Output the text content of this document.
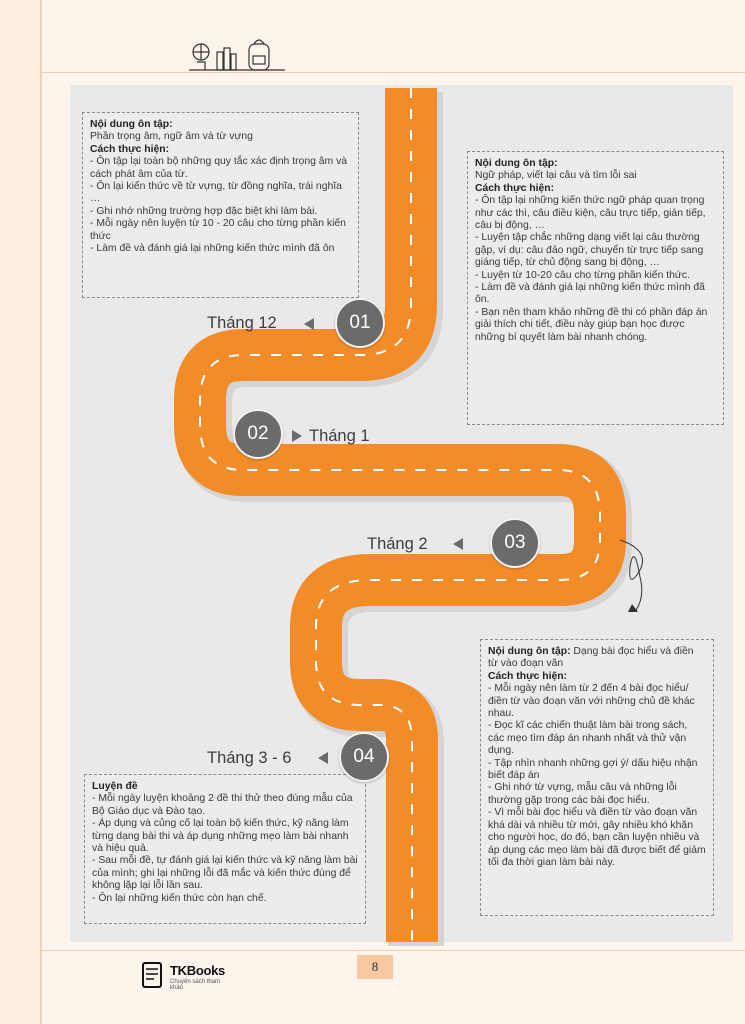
Nội dung ôn tập:

Phần trọng âm, ngữ âm và từ vựng

Cách thực hiện:

- Ôn tập lại toàn bộ những quy tắc xác định trọng âm và cách phát âm của từ.

- Ôn lại kiến thức về từ vựng, từ đồng nghĩa, trái nghĩa …

- Ghi nhớ những trường hợp đặc biệt khi làm bài.

- Mỗi ngày nên luyện từ 10 - 20 câu cho từng phần kiến thức

- Làm đề và đánh giá lại những kiến thức mình đã ôn

Nội dung ôn tập:

Ngữ pháp, viết lại câu và tìm lỗi sai

Cách thực hiện:

- Ôn tập lại những kiến thức ngữ pháp quan trọng như các thì, câu điều kiện, câu trực tiếp, gián tiếp, câu bị động, …

- Luyện tập chắc những dạng viết lại câu thường gặp, ví dụ: câu đảo ngữ, chuyển từ trực tiếp sang giáng tiếp, từ chủ động sang bị động, …

- Luyện từ 10-20 câu cho từng phần kiến thức.

- Làm đề và đánh giá lại những kiến thức mình đã ôn.

- Bạn nên tham khảo những đề thi có phần đáp án giải thích chi tiết, điều này giúp bạn học được những bí quyết làm bài nhanh chóng.

Nội dung ôn tập: Dạng bài đọc hiểu và điền từ vào đoạn văn

Cách thực hiện:

- Mỗi ngày nên làm từ 2 đến 4 bài đọc hiểu/ điền từ vào đoạn văn với những chủ đề khác nhau.

- Đọc kĩ các chiến thuật làm bài trong sách, các mẹo tìm đáp án nhanh nhất và thử vận dụng.

- Tập nhìn nhanh những gợi ý/ dấu hiệu nhận biết đáp án

- Ghi nhớ từ vựng, mẫu câu và những lỗi thường gặp trong các bài đọc hiểu.

- Vì mỗi bài đọc hiểu và điền từ vào đoạn văn khá dài và nhiều từ mới, gây nhiều khó khăn cho người học, do đó, bạn cần luyện nhiều và áp dụng các mẹo làm bài đã được biết để giảm tối đa thời gian làm bài này.

Luyện đề

- Mỗi ngày luyện khoảng 2 đề thi thử theo đúng mẫu của Bộ Giáo dục và Đào tạo.

- Áp dụng và củng cố lại toàn bộ kiến thức, kỹ năng làm từng dạng bài thi và áp dụng những mẹo làm bài nhanh và hiệu quả.

- Sau mỗi đề, tự đánh giá lại kiến thức và kỹ năng làm bài của mình; ghi lại những lỗi đã mắc và kiến thức đúng để không lặp lại lỗi lần sau.

- Ôn lại những kiến thức còn hạn chế.

Tháng 12	01
02	Tháng 1
Tháng 2	03
Tháng 3 - 6	04
TKBooks
Chuyên sách tham khảo
8
